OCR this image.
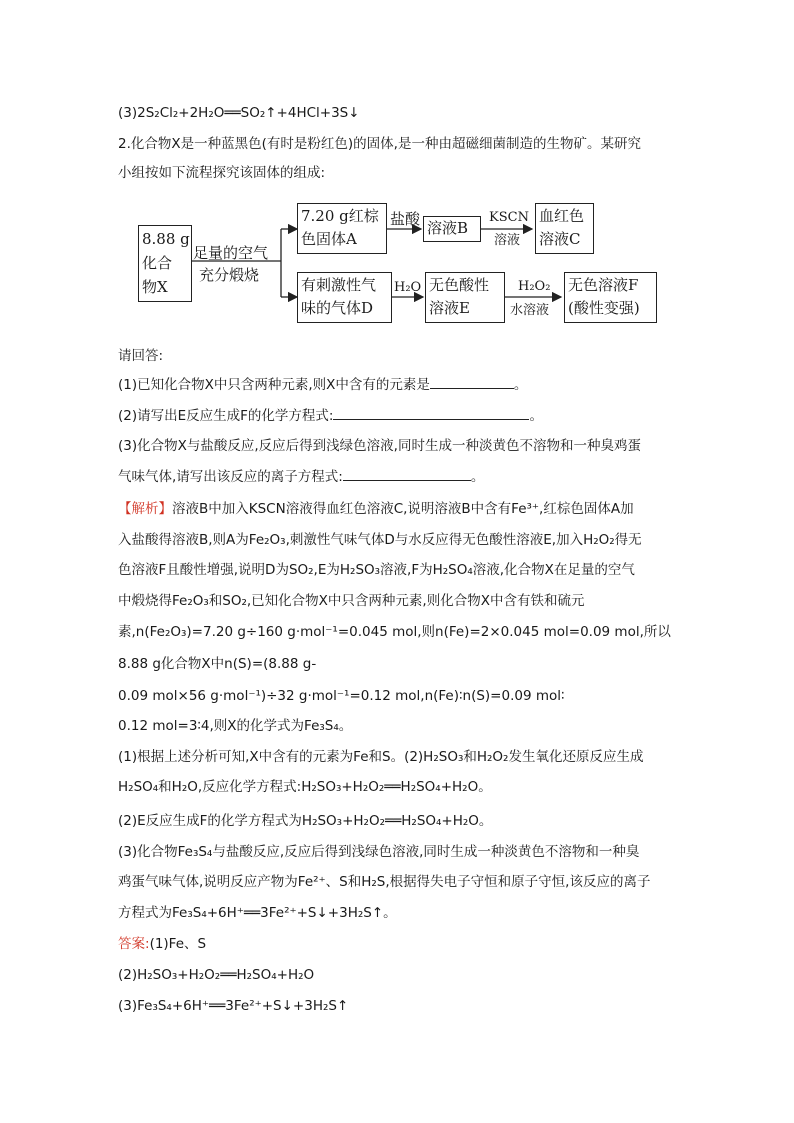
(3)2S₂Cl₂+2H₂O══SO₂↑+4HCl+3S↓
2.化合物X是一种蓝黑色(有时是粉红色)的固体,是一种由超磁细菌制造的生物矿。某研究
小组按如下流程探究该固体的组成:
8.88 g
化合
物X
足量的空气
充分煅烧
7.20 g红棕
色固体A
盐酸 溶液B
KSCN
溶液
血红色
溶液C
有刺激性气
味的气体D
H₂O 无色酸性
溶液E
H₂O₂
水溶液
无色溶液F
(酸性变强)
请回答:
(1)已知化合物X中只含两种元素,则X中含有的元素是	。
(2)请写出E反应生成F的化学方程式:	。
(3)化合物X与盐酸反应,反应后得到浅绿色溶液,同时生成一种淡黄色不溶物和一种臭鸡蛋
气味气体,请写出该反应的离子方程式:	。
【解析】溶液B中加入KSCN溶液得血红色溶液C,说明溶液B中含有Fe³⁺,红棕色固体A加
入盐酸得溶液B,则A为Fe₂O₃,刺激性气味气体D与水反应得无色酸性溶液E,加入H₂O₂得无
色溶液F且酸性增强,说明D为SO₂,E为H₂SO₃溶液,F为H₂SO₄溶液,化合物X在足量的空气
中煅烧得Fe₂O₃和SO₂,已知化合物X中只含两种元素,则化合物X中含有铁和硫元
素,n(Fe₂O₃)=7.20 g÷160 g·mol⁻¹=0.045 mol,则n(Fe)=2×0.045 mol=0.09 mol,所以
8.88 g化合物X中n(S)=(8.88 g-
0.09 mol×56 g·mol⁻¹)÷32 g·mol⁻¹=0.12 mol,n(Fe)∶n(S)=0.09 mol∶
0.12 mol=3∶4,则X的化学式为Fe₃S₄。
(1)根据上述分析可知,X中含有的元素为Fe和S。(2)H₂SO₃和H₂O₂发生氧化还原反应生成
H₂SO₄和H₂O,反应化学方程式:H₂SO₃+H₂O₂══H₂SO₄+H₂O。
(2)E反应生成F的化学方程式为H₂SO₃+H₂O₂══H₂SO₄+H₂O。
(3)化合物Fe₃S₄与盐酸反应,反应后得到浅绿色溶液,同时生成一种淡黄色不溶物和一种臭
鸡蛋气味气体,说明反应产物为Fe²⁺、S和H₂S,根据得失电子守恒和原子守恒,该反应的离子
方程式为Fe₃S₄+6H⁺══3Fe²⁺+S↓+3H₂S↑。
答案:(1)Fe、S
(2)H₂SO₃+H₂O₂══H₂SO₄+H₂O
(3)Fe₃S₄+6H⁺══3Fe²⁺+S↓+3H₂S↑
